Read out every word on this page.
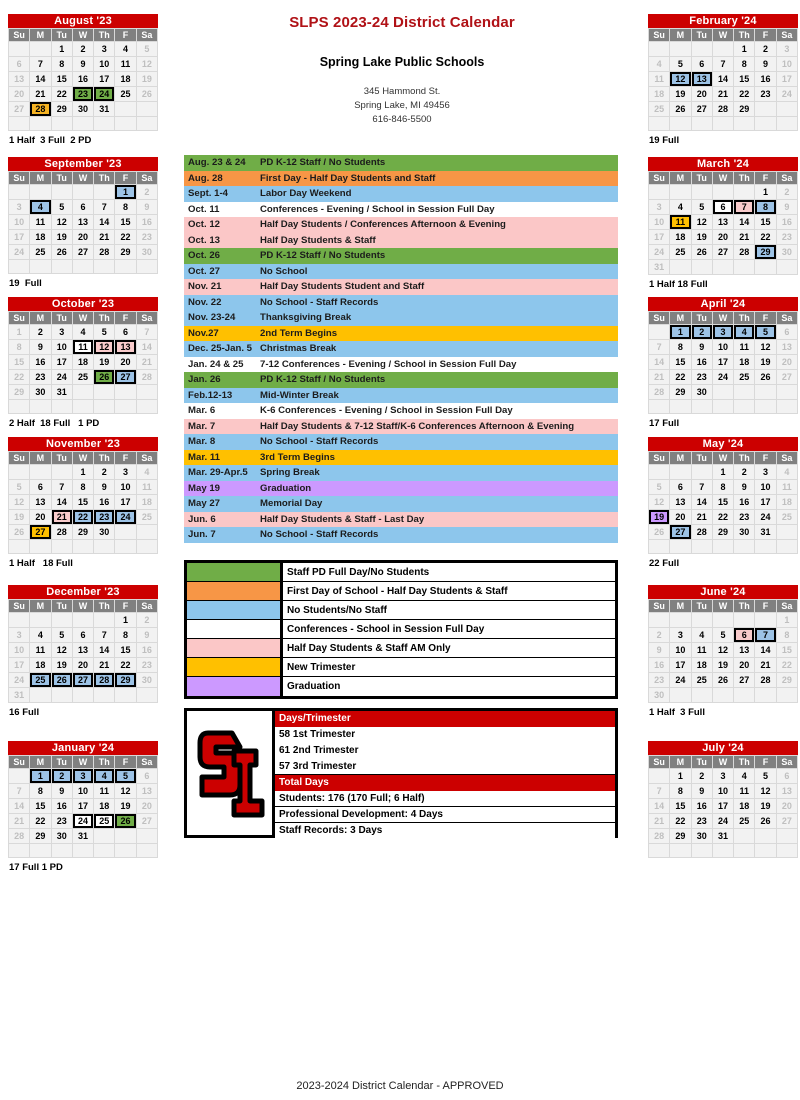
SLPS 2023-24 District Calendar
Spring Lake Public Schools
345 Hammond St.
Spring Lake, MI 49456
616-846-5500
August '23
Su	M	Tu	W	Th	F	Sa
		1	2	3	4	5
6	7	8	9	10	11	12
13	14	15	16	17	18	19
20	21	22	23	24	25	26
27	28	29	30	31		

1 Half  3 Full  2 PD
September '23
Su	M	Tu	W	Th	F	Sa
					1	2
3	4	5	6	7	8	9
10	11	12	13	14	15	16
17	18	19	20	21	22	23
24	25	26	27	28	29	30

19  Full
October '23
Su	M	Tu	W	Th	F	Sa
1	2	3	4	5	6	7
8	9	10	11	12	13	14
15	16	17	18	19	20	21
22	23	24	25	26	27	28
29	30	31				

2 Half  18 Full   1 PD
November '23
Su	M	Tu	W	Th	F	Sa
			1	2	3	4
5	6	7	8	9	10	11
12	13	14	15	16	17	18
19	20	21	22	23	24	25
26	27	28	29	30		

1 Half   18 Full
December '23
Su	M	Tu	W	Th	F	Sa
					1	2
3	4	5	6	7	8	9
10	11	12	13	14	15	16
17	18	19	20	21	22	23
24	25	26	27	28	29	30
31						
16 Full
January '24
Su	M	Tu	W	Th	F	Sa
	1	2	3	4	5	6
7	8	9	10	11	12	13
14	15	16	17	18	19	20
21	22	23	24	25	26	27
28	29	30	31			

17 Full 1 PD
February '24
Su	M	Tu	W	Th	F	Sa
				1	2	3
4	5	6	7	8	9	10
11	12	13	14	15	16	17
18	19	20	21	22	23	24
25	26	27	28	29		

19 Full
March '24
Su	M	Tu	W	Th	F	Sa
					1	2
3	4	5	6	7	8	9
10	11	12	13	14	15	16
17	18	19	20	21	22	23
24	25	26	27	28	29	30
31						
1 Half 18 Full
April '24
Su	M	Tu	W	Th	F	Sa
	1	2	3	4	5	6
7	8	9	10	11	12	13
14	15	16	17	18	19	20
21	22	23	24	25	26	27
28	29	30				

17 Full
May '24
Su	M	Tu	W	Th	F	Sa
			1	2	3	4
5	6	7	8	9	10	11
12	13	14	15	16	17	18
19	20	21	22	23	24	25
26	27	28	29	30	31	

22 Full
June '24
Su	M	Tu	W	Th	F	Sa
						1
2	3	4	5	6	7	8
9	10	11	12	13	14	15
16	17	18	19	20	21	22
23	24	25	26	27	28	29
30						
1 Half  3 Full
July '24
Su	M	Tu	W	Th	F	Sa
	1	2	3	4	5	6
7	8	9	10	11	12	13
14	15	16	17	18	19	20
21	22	23	24	25	26	27
28	29	30	31			

Aug. 23 & 24	PD K-12 Staff / No Students
Aug. 28	First Day - Half Day Students and Staff
Sept. 1-4	Labor Day Weekend
Oct. 11	Conferences - Evening / School in Session Full Day
Oct. 12	Half Day Students / Conferences Afternoon & Evening
Oct. 13	Half Day Students & Staff
Oct. 26	PD K-12 Staff / No Students
Oct. 27	No School
Nov. 21	Half Day Students Student and Staff
Nov. 22	No School - Staff Records
Nov. 23-24	Thanksgiving Break
Nov.27	2nd Term Begins
Dec. 25-Jan. 5 Christmas Break
Jan. 24 & 25	7-12 Conferences - Evening / School in Session Full Day
Jan. 26	PD K-12 Staff / No Students
Feb.12-13	Mid-Winter Break
Mar. 6	K-6 Conferences - Evening / School in Session Full Day
Mar. 7	Half Day Students & 7-12 Staff/K-6 Conferences Afternoon & Evening
Mar. 8	No School - Staff Records
Mar. 11	3rd Term Begins
Mar. 29-Apr.5	Spring Break
May 19	Graduation
May 27	Memorial Day
Jun. 6	Half Day Students & Staff - Last Day
Jun. 7	No School - Staff Records
Staff PD Full Day/No Students
First Day of School - Half Day Students & Staff
No Students/No Staff
Conferences - School in Session Full Day
Half Day Students & Staff AM Only
New Trimester
Graduation
Days/Trimester
58 1st Trimester
61 2nd Trimester
57 3rd Trimester
Total Days
Students: 176 (170 Full; 6 Half)
Professional Development: 4 Days
Staff Records: 3 Days
2023-2024 District Calendar - APPROVED
